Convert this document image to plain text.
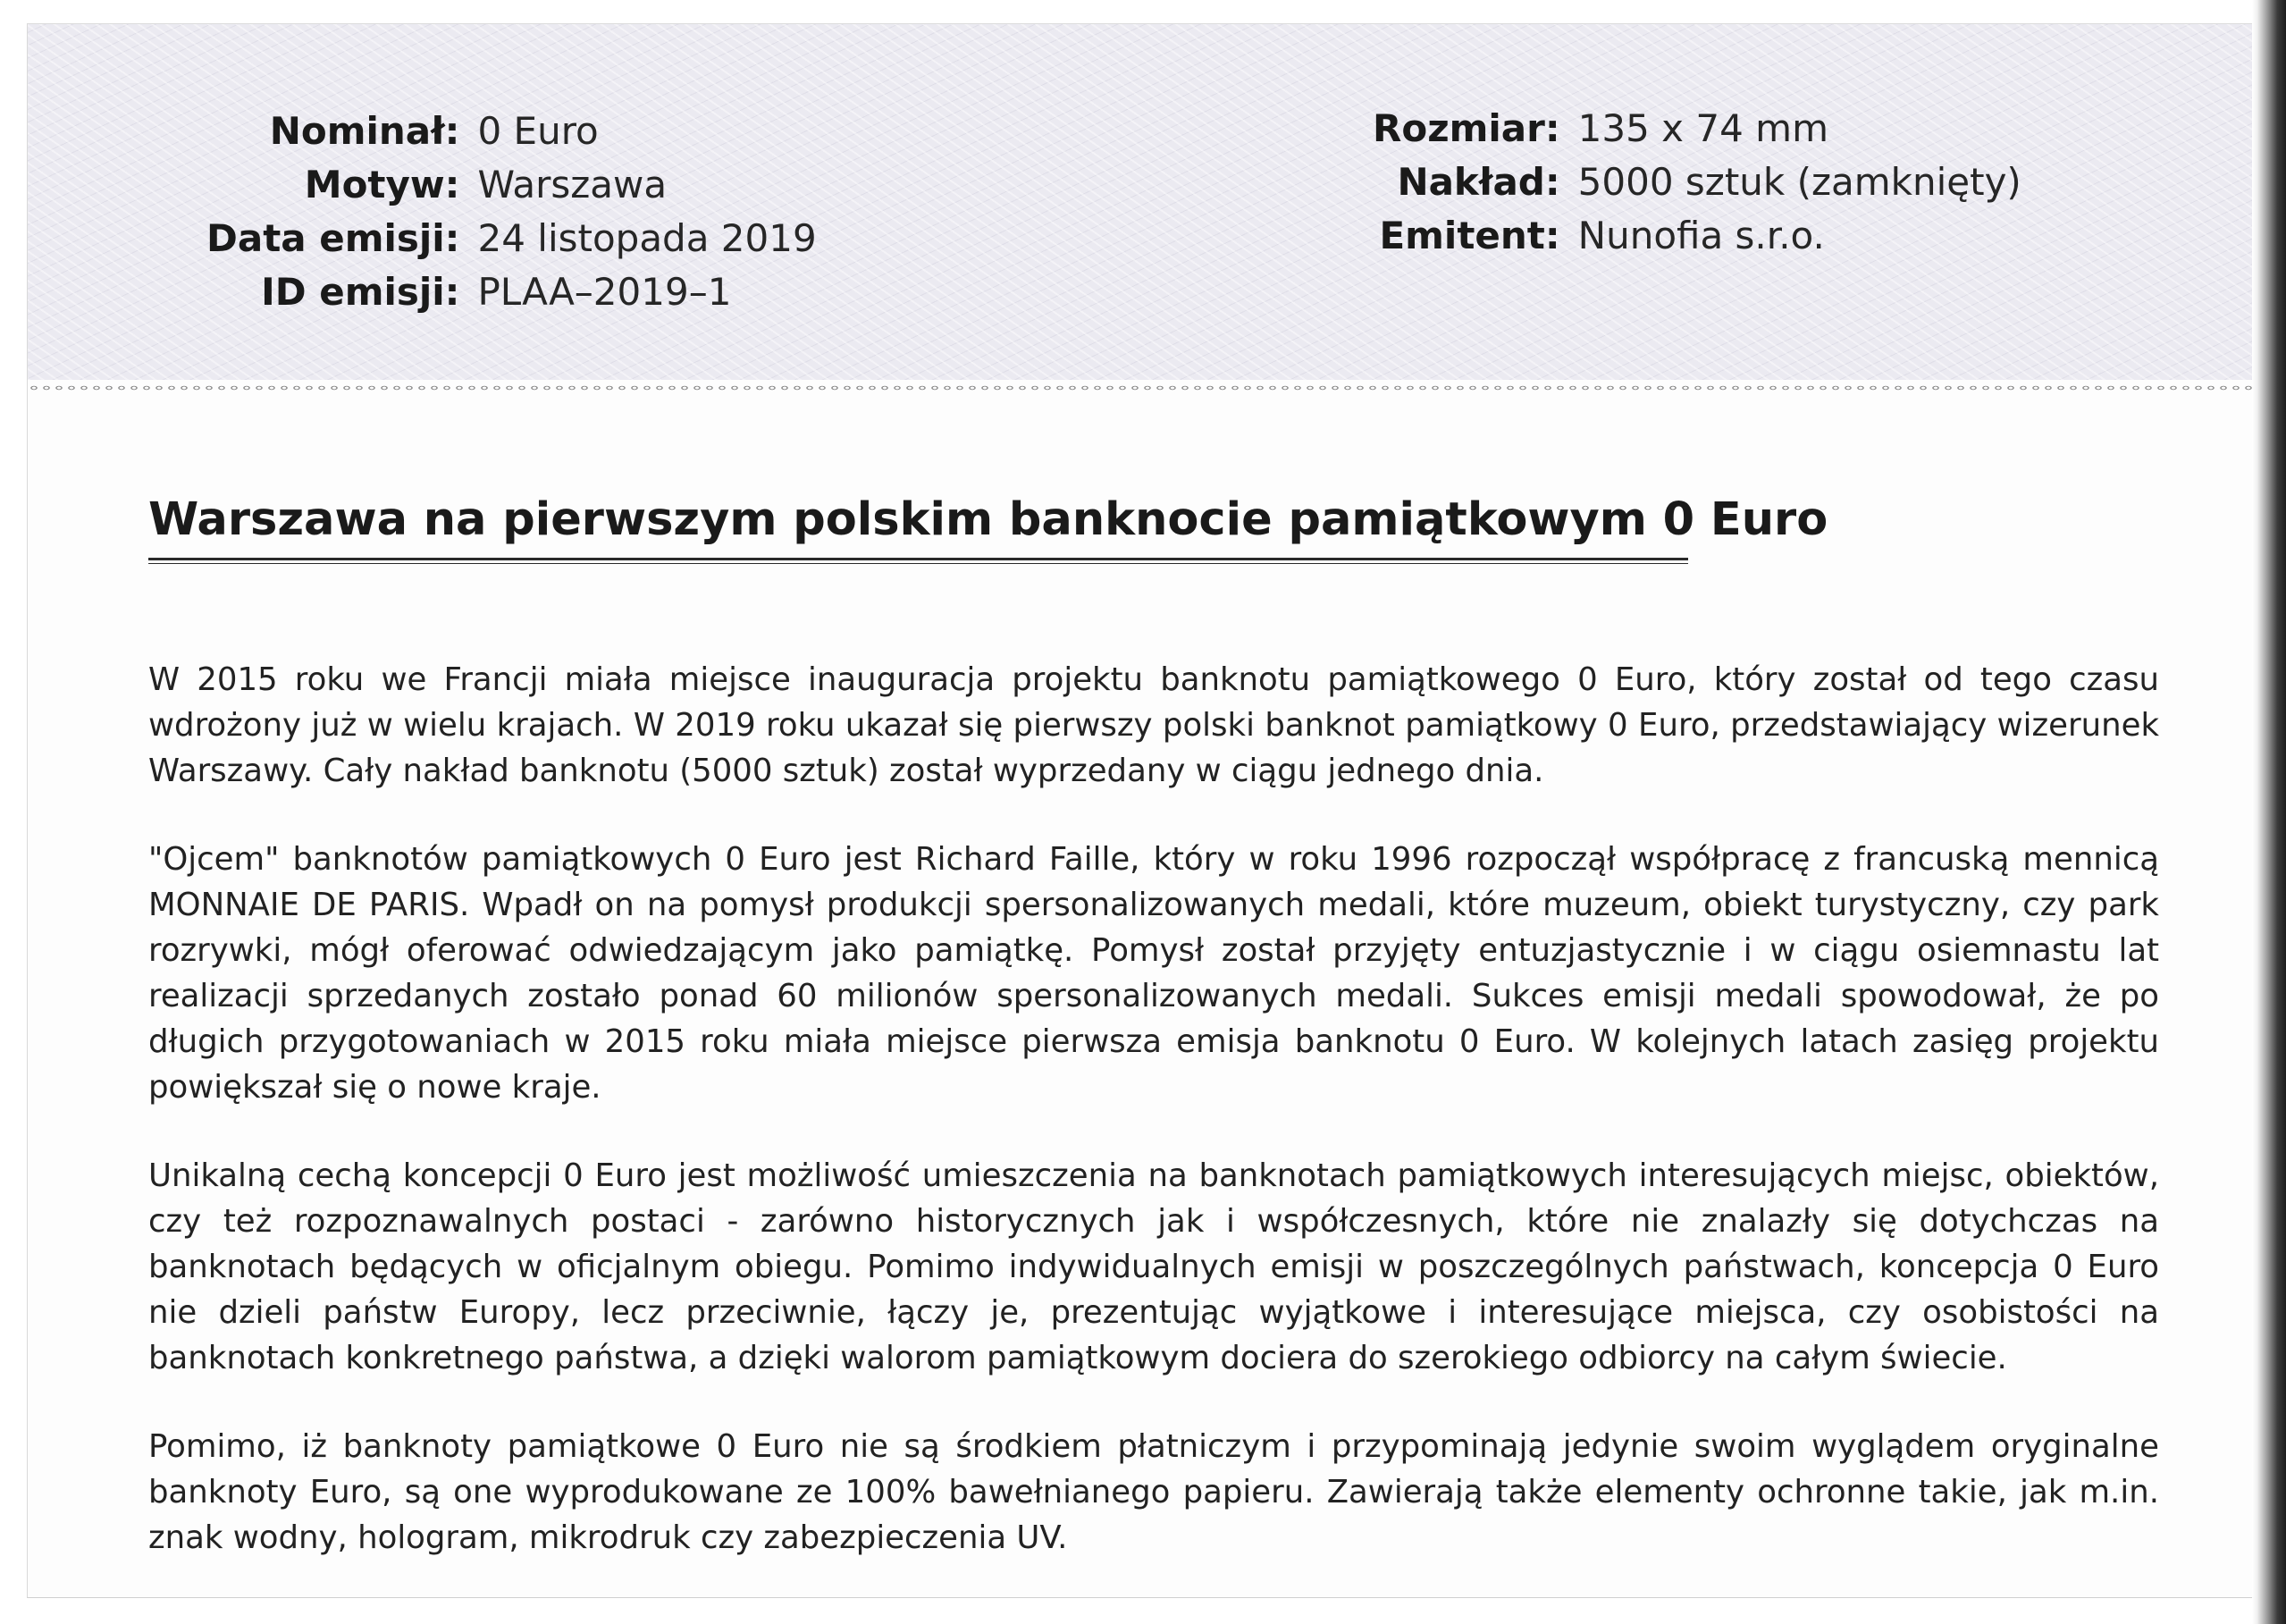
Nominał:	0 Euro
Motyw:	Warszawa
Data emisji:	24 listopada 2019
ID emisji:	PLAA–2019–1
Rozmiar:	135 x 74 mm
Nakład:	5000 sztuk (zamknięty)
Emitent:	Nunofia s.r.o.
Warszawa na pierwszym polskim banknocie pamiątkowym 0 Euro

W 2015 roku we Francji miała miejsce inauguracja projektu banknotu pamiątkowego 0 Euro, który został od tego czasu wdrożony już w wielu krajach. W 2019 roku ukazał się pierwszy polski banknot pamiątkowy 0 Euro, przedstawiający wizerunek Warszawy. Cały nakład banknotu (5000 sztuk) został wyprzedany w ciągu jednego dnia.

"Ojcem" banknotów pamiątkowych 0 Euro jest Richard Faille, który w roku 1996 rozpoczął współpracę z francuską mennicą MONNAIE DE PARIS. Wpadł on na pomysł produkcji spersonalizowanych medali, które muzeum, obiekt turystyczny, czy park rozrywki, mógł oferować odwiedzającym jako pamiątkę. Pomysł został przyjęty entuzjastycznie i w ciągu osiemnastu lat realizacji sprzedanych zostało ponad 60 milionów spersonalizowanych medali. Sukces emisji medali spowodował, że po długich przygotowaniach w 2015 roku miała miejsce pierwsza emisja banknotu 0 Euro. W kolejnych latach zasięg projektu powiększał się o nowe kraje.

Unikalną cechą koncepcji 0 Euro jest możliwość umieszczenia na banknotach pamiątkowych interesujących miejsc, obiektów, czy też rozpoznawalnych postaci - zarówno historycznych jak i współczesnych, które nie znalazły się dotychczas na banknotach będących w oficjalnym obiegu. Pomimo indywidualnych emisji w poszczególnych państwach, koncepcja 0 Euro nie dzieli państw Europy, lecz przeciwnie, łączy je, prezentując wyjątkowe i interesujące miejsca, czy osobistości na banknotach konkretnego państwa, a dzięki walorom pamiątkowym dociera do szerokiego odbiorcy na całym świecie.

Pomimo, iż banknoty pamiątkowe 0 Euro nie są środkiem płatniczym i przypominają jedynie swoim wyglądem oryginalne banknoty Euro, są one wyprodukowane ze 100% bawełnianego papieru. Zawierają także elementy ochronne takie, jak m.in. znak wodny, hologram, mikrodruk czy zabezpieczenia UV.
